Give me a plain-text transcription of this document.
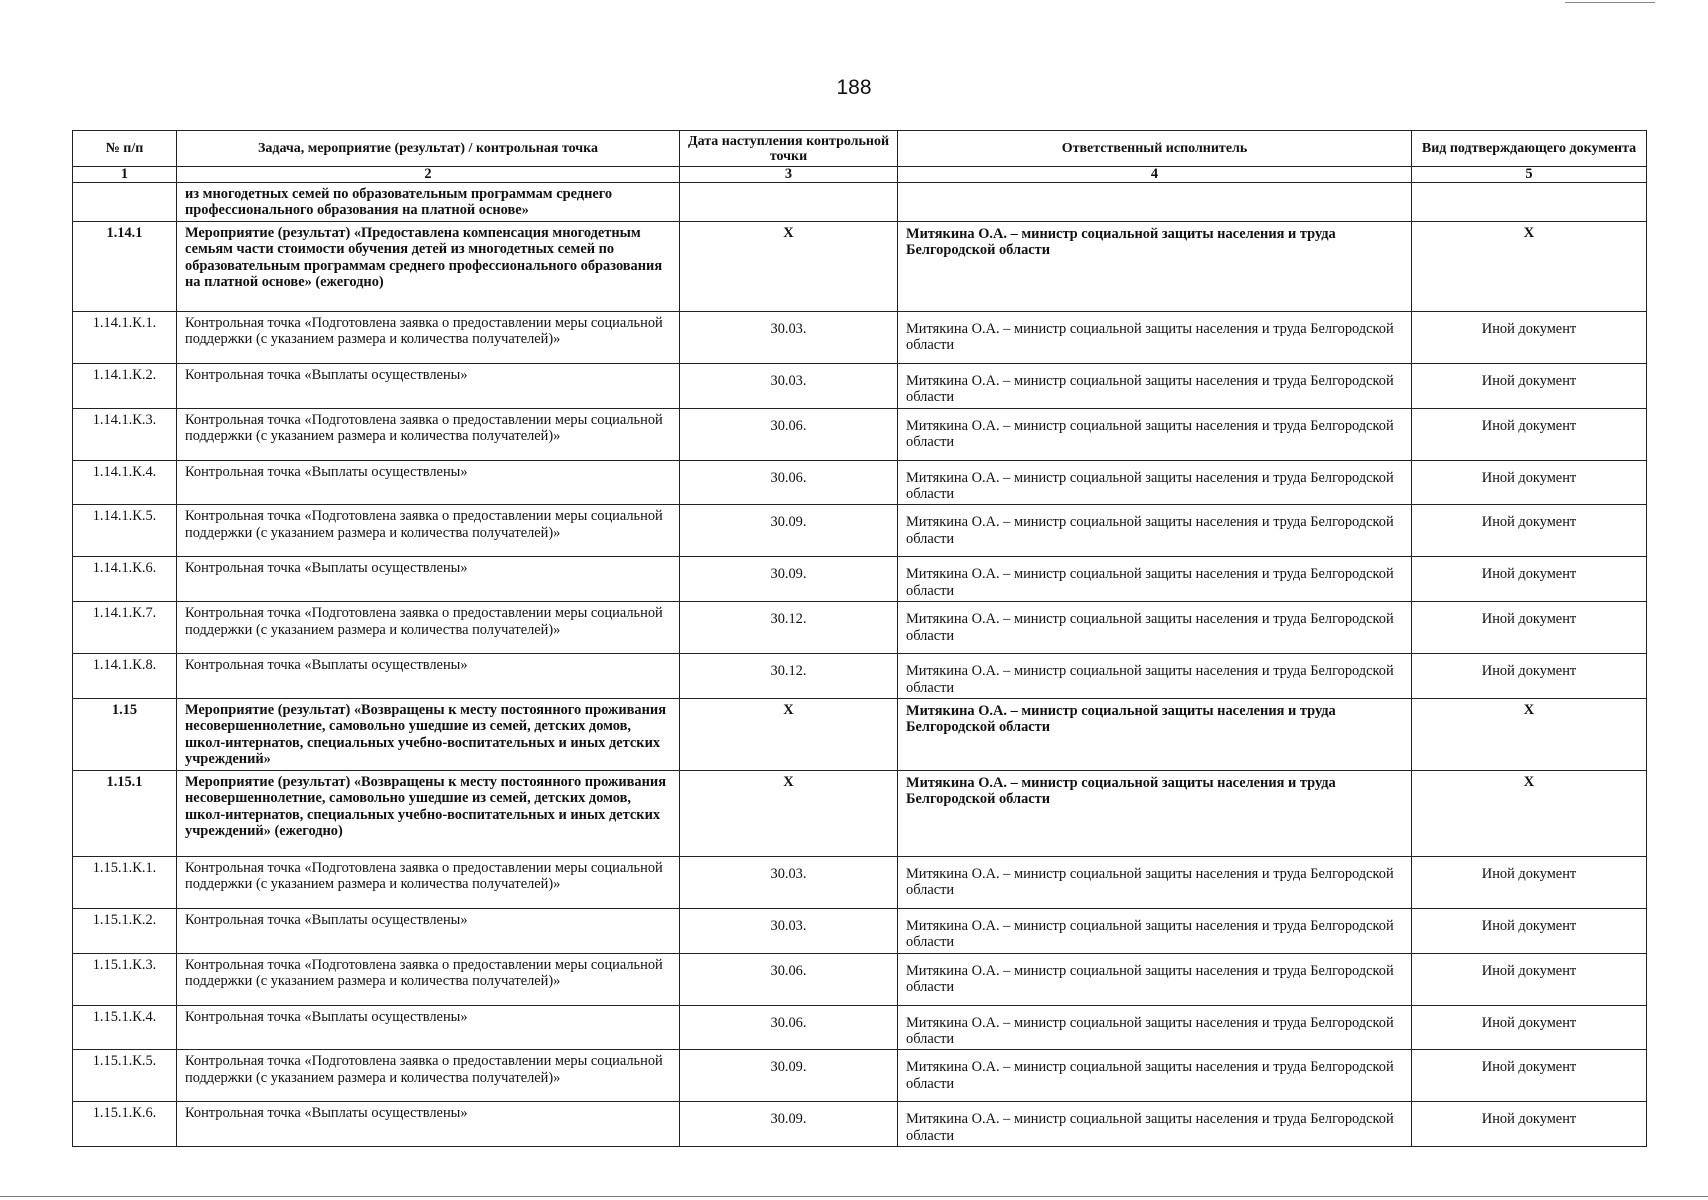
188
№ п/п	Задача, мероприятие (результат) / контрольная точка	Дата наступления контрольной точки	Ответственный исполнитель	Вид подтверждающего документа
1	2	3	4	5
	из многодетных семей по образовательным программам среднего профессионального образования на платной основе»			
1.14.1	Мероприятие (результат) «Предоставлена компенсация многодетным семьям части стоимости обучения детей из многодетных семей по образовательным программам среднего профессионального образования на платной основе» (ежегодно)	X	Митякина О.А. – министр социальной защиты населения и труда Белгородской области	X
1.14.1.К.1.	Контрольная точка «Подготовлена заявка о предоставлении меры социальной поддержки (с указанием размера и количества получателей)»	30.03.	Митякина О.А. – министр социальной защиты населения и труда Белгородской области	Иной документ
1.14.1.К.2.	Контрольная точка «Выплаты осуществлены»	30.03.	Митякина О.А. – министр социальной защиты населения и труда Белгородской области	Иной документ
1.14.1.К.3.	Контрольная точка «Подготовлена заявка о предоставлении меры социальной поддержки (с указанием размера и количества получателей)»	30.06.	Митякина О.А. – министр социальной защиты населения и труда Белгородской области	Иной документ
1.14.1.К.4.	Контрольная точка «Выплаты осуществлены»	30.06.	Митякина О.А. – министр социальной защиты населения и труда Белгородской области	Иной документ
1.14.1.К.5.	Контрольная точка «Подготовлена заявка о предоставлении меры социальной поддержки (с указанием размера и количества получателей)»	30.09.	Митякина О.А. – министр социальной защиты населения и труда Белгородской области	Иной документ
1.14.1.К.6.	Контрольная точка «Выплаты осуществлены»	30.09.	Митякина О.А. – министр социальной защиты населения и труда Белгородской области	Иной документ
1.14.1.К.7.	Контрольная точка «Подготовлена заявка о предоставлении меры социальной поддержки (с указанием размера и количества получателей)»	30.12.	Митякина О.А. – министр социальной защиты населения и труда Белгородской области	Иной документ
1.14.1.К.8.	Контрольная точка «Выплаты осуществлены»	30.12.	Митякина О.А. – министр социальной защиты населения и труда Белгородской области	Иной документ
1.15	Мероприятие (результат) «Возвращены к месту постоянного проживания несовершеннолетние, самовольно ушедшие из семей, детских домов, школ-интернатов, специальных учебно-воспитательных и иных детских учреждений»	X	Митякина О.А. – министр социальной защиты населения и труда Белгородской области	X
1.15.1	Мероприятие (результат) «Возвращены к месту постоянного проживания несовершеннолетние, самовольно ушедшие из семей, детских домов, школ-интернатов, специальных учебно-воспитательных и иных детских учреждений» (ежегодно)	X	Митякина О.А. – министр социальной защиты населения и труда Белгородской области	X
1.15.1.К.1.	Контрольная точка «Подготовлена заявка о предоставлении меры социальной поддержки (с указанием размера и количества получателей)»	30.03.	Митякина О.А. – министр социальной защиты населения и труда Белгородской области	Иной документ
1.15.1.К.2.	Контрольная точка «Выплаты осуществлены»	30.03.	Митякина О.А. – министр социальной защиты населения и труда Белгородской области	Иной документ
1.15.1.К.3.	Контрольная точка «Подготовлена заявка о предоставлении меры социальной поддержки (с указанием размера и количества получателей)»	30.06.	Митякина О.А. – министр социальной защиты населения и труда Белгородской области	Иной документ
1.15.1.К.4.	Контрольная точка «Выплаты осуществлены»	30.06.	Митякина О.А. – министр социальной защиты населения и труда Белгородской области	Иной документ
1.15.1.К.5.	Контрольная точка «Подготовлена заявка о предоставлении меры социальной поддержки (с указанием размера и количества получателей)»	30.09.	Митякина О.А. – министр социальной защиты населения и труда Белгородской области	Иной документ
1.15.1.К.6.	Контрольная точка «Выплаты осуществлены»	30.09.	Митякина О.А. – министр социальной защиты населения и труда Белгородской области	Иной документ
